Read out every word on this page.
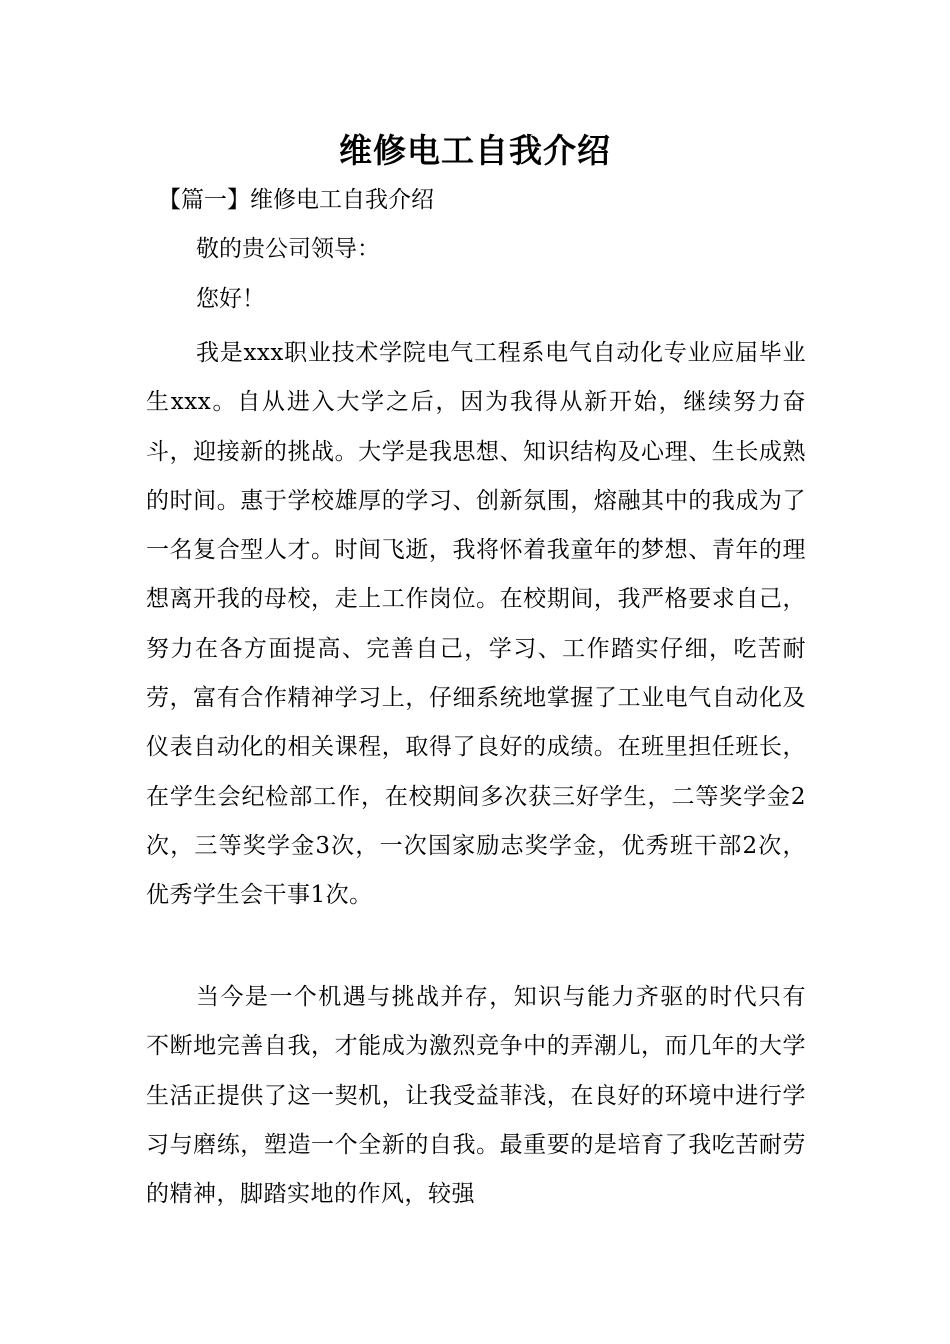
维修电工自我介绍
【篇一】维修电工自我介绍
敬的贵公司领导：
您好！

我是xxx职业技术学院电气工程系电气自动化专业应届毕业生xxx。自从进入大学之后，因为我得从新开始，继续努力奋斗，迎接新的挑战。大学是我思想、知识结构及心理、生长成熟的时间。惠于学校雄厚的学习、创新氛围，熔融其中的我成为了一名复合型人才。时间飞逝，我将怀着我童年的梦想、青年的理想离开我的母校，走上工作岗位。在校期间，我严格要求自己，努力在各方面提高、完善自己，学习、工作踏实仔细，吃苦耐劳，富有合作精神学习上，仔细系统地掌握了工业电气自动化及仪表自动化的相关课程，取得了良好的成绩。在班里担任班长，在学生会纪检部工作，在校期间多次获三好学生，二等奖学金2次，三等奖学金3次，一次国家励志奖学金，优秀班干部2次，优秀学生会干事1次。

当今是一个机遇与挑战并存，知识与能力齐驱的时代只有不断地完善自我，才能成为激烈竞争中的弄潮儿，而几年的大学生活正提供了这一契机，让我受益菲浅，在良好的环境中进行学习与磨练，塑造一个全新的自我。最重要的是培育了我吃苦耐劳的精神，脚踏实地的作风，较强
